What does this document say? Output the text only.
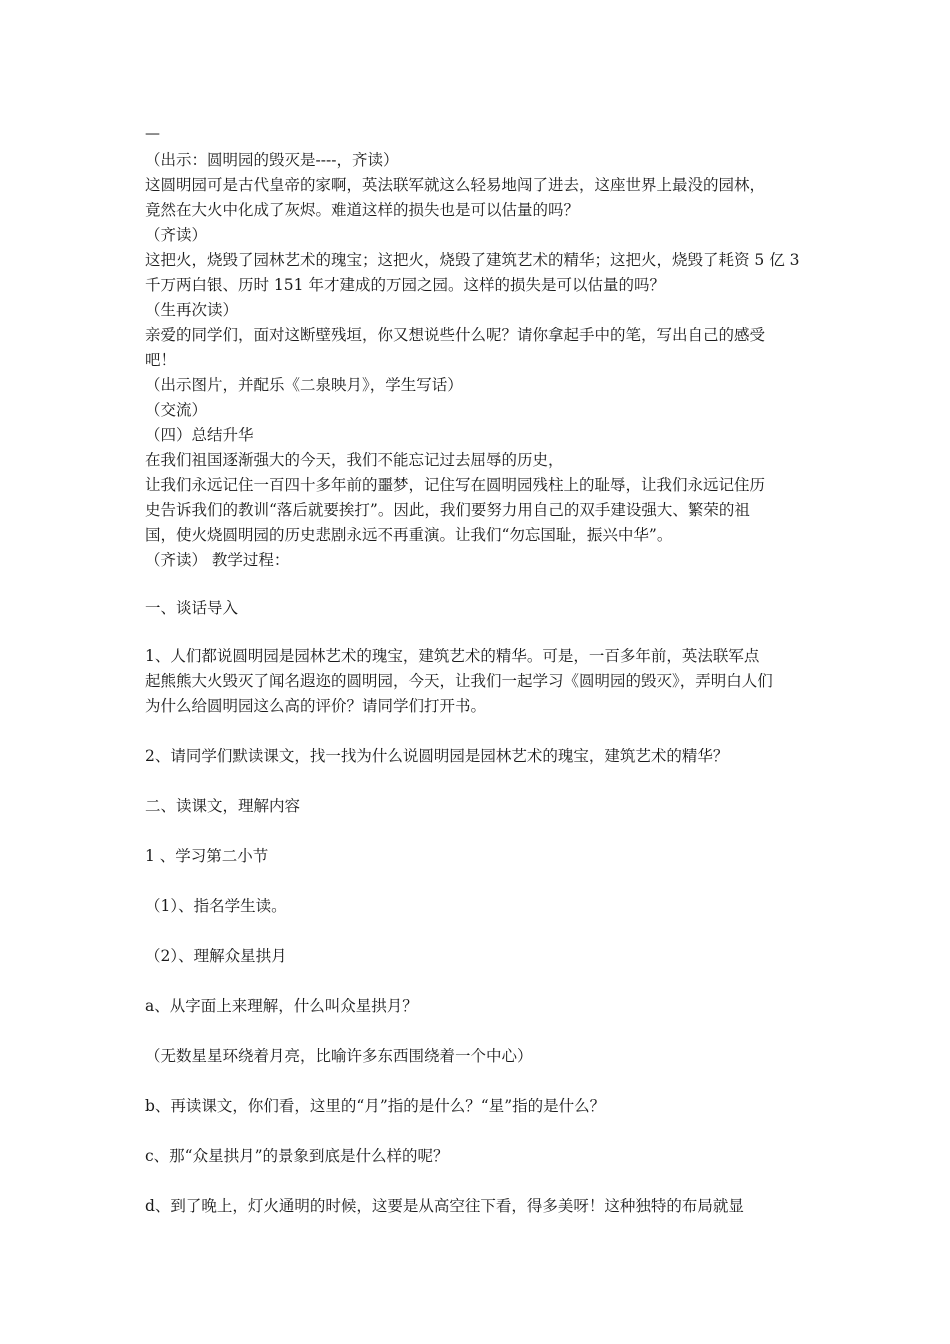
—
（出示：圆明园的毁灭是----，齐读）
这圆明园可是古代皇帝的家啊，英法联军就这么轻易地闯了进去，这座世界上最没的园林，
竟然在大火中化成了灰烬。难道这样的损失也是可以估量的吗？
（齐读）
这把火，烧毁了园林艺术的瑰宝；这把火，烧毁了建筑艺术的精华；这把火，烧毁了耗资 5 亿 3
千万两白银、历时 151 年才建成的万园之园。这样的损失是可以估量的吗？
（生再次读）
亲爱的同学们，面对这断壁残垣，你又想说些什么呢？请你拿起手中的笔，写出自己的感受
吧！
（出示图片，并配乐《二泉映月》，学生写话）
（交流）
（四）总结升华
在我们祖国逐渐强大的今天，我们不能忘记过去屈辱的历史，
让我们永远记住一百四十多年前的噩梦，记住写在圆明园残柱上的耻辱，让我们永远记住历
史告诉我们的教训“落后就要挨打”。因此，我们要努力用自己的双手建设强大、繁荣的祖
国，使火烧圆明园的历史悲剧永远不再重演。让我们“勿忘国耻，振兴中华”。
（齐读） 教学过程：
一、谈话导入
1、人们都说圆明园是园林艺术的瑰宝，建筑艺术的精华。可是，一百多年前，英法联军点
起熊熊大火毁灭了闻名遐迩的圆明园，今天，让我们一起学习《圆明园的毁灭》，弄明白人们
为什么给圆明园这么高的评价？请同学们打开书。
2、请同学们默读课文，找一找为什么说圆明园是园林艺术的瑰宝，建筑艺术的精华？
二、读课文，理解内容
1 、学习第二小节
（1）、指名学生读。
（2）、理解众星拱月
a、从字面上来理解，什么叫众星拱月？
（无数星星环绕着月亮，比喻许多东西围绕着一个中心）
b、再读课文，你们看，这里的“月”指的是什么？“星”指的是什么？
c、那“众星拱月”的景象到底是什么样的呢？
d、到了晚上，灯火通明的时候，这要是从高空往下看，得多美呀！这种独特的布局就显
